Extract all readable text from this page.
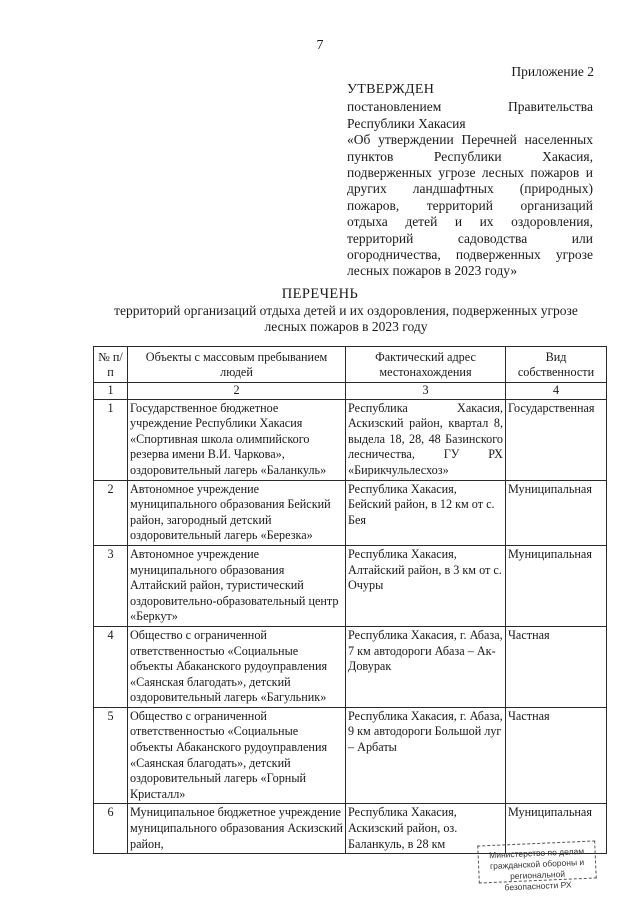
7
Приложение 2
УТВЕРЖДЕН
постановлением Правительства
Республики Хакасия
«Об утверждении Перечней населенных
пунктов Республики Хакасия,
подверженных угрозе лесных пожаров и
других ландшафтных (природных)
пожаров, территорий организаций
отдыха детей и их оздоровления,
территорий садоводства или
огородничества, подверженных угрозе
лесных пожаров в 2023 году»
ПЕРЕЧЕНЬ
территорий организаций отдыха детей и их оздоровления, подверженных угрозе лесных пожаров в 2023 году
№ п/п	Объекты с массовым пребыванием людей	Фактический адрес местонахождения	Вид собственности
1	2	3	4
1	Государственное бюджетное учреждение Республики Хакасия «Спортивная школа олимпийского резерва имени В.И. Чаркова», оздоровительный лагерь «Баланкуль»	Республика Хакасия, Аскизский район, квартал 8, выдела 18, 28, 48 Базинского лесничества, ГУ РХ «Бирикчульлесхоз»	Государственная
2	Автономное учреждение муниципального образования Бейский район, загородный детский оздоровительный лагерь «Березка»	Республика Хакасия, Бейский район, в 12 км от с. Бея	Муниципальная
3	Автономное учреждение муниципального образования Алтайский район, туристический оздоровительно-образовательный центр «Беркут»	Республика Хакасия, Алтайский район, в 3 км от с. Очуры	Муниципальная
4	Общество с ограниченной ответственностью «Социальные объекты Абаканского рудоуправления «Саянская благодать», детский оздоровительный лагерь «Багульник»	Республика Хакасия, г. Абаза, 7 км автодороги Абаза – Ак-Довурак	Частная
5	Общество с ограниченной ответственностью «Социальные объекты Абаканского рудоуправления «Саянская благодать», детский оздоровительный лагерь «Горный Кристалл»	Республика Хакасия, г. Абаза, 9 км автодороги Большой луг – Арбаты	Частная
6	Муниципальное бюджетное учреждение муниципального образования Аскизский район,	Республика Хакасия, Аскизский район, оз. Баланкуль, в 28 км	Муниципальная
Министерство по делам
гражданской обороны и региональной
безопасности РХ
